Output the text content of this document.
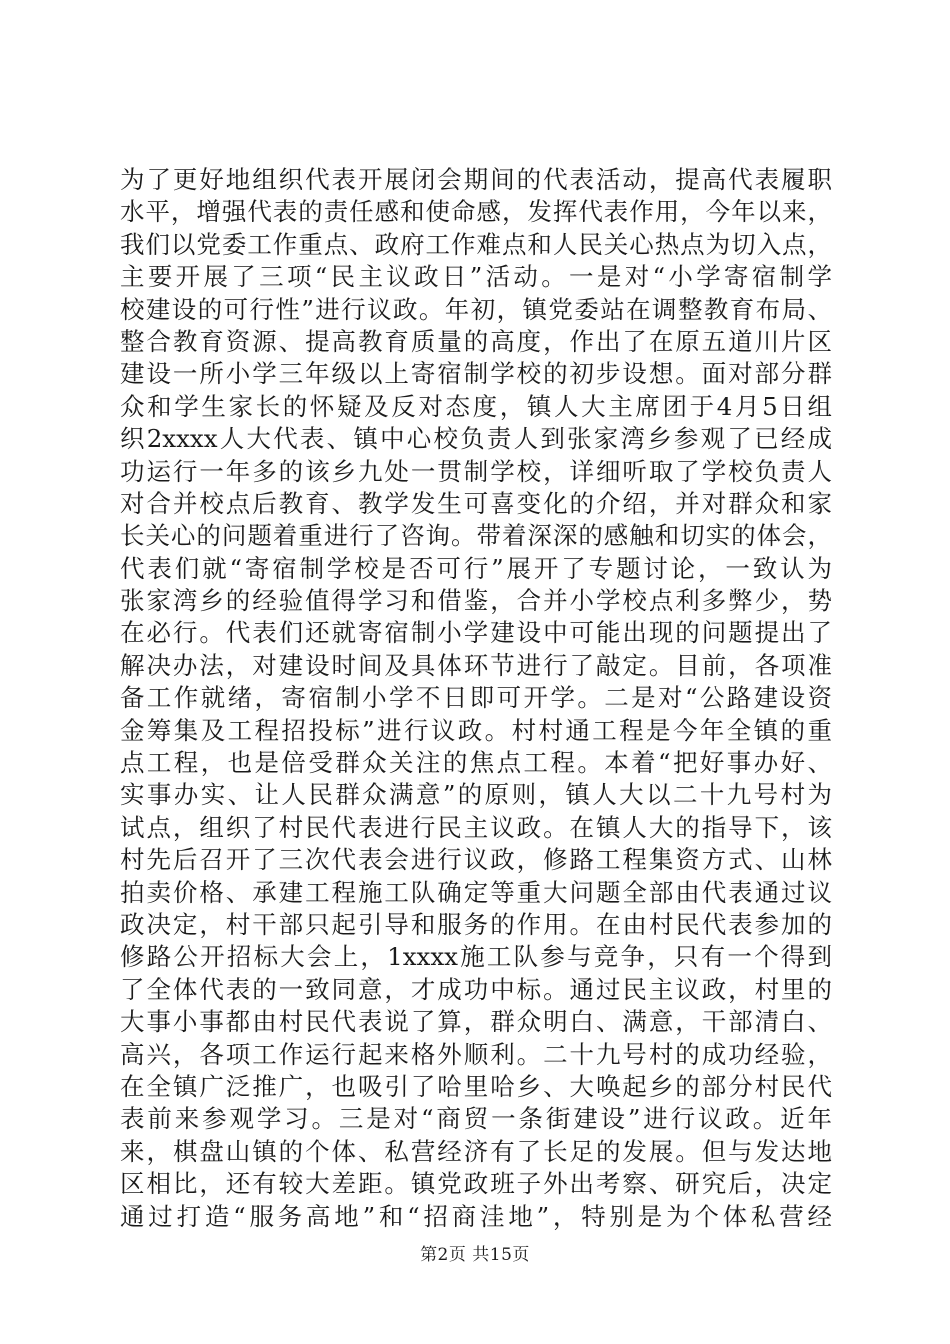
为了更好地组织代表开展闭会期间的代表活动，提高代表履职
水平，增强代表的责任感和使命感，发挥代表作用，今年以来，
我们以党委工作重点、政府工作难点和人民关心热点为切入点，
主要开展了三项“民主议政日”活动。一是对“小学寄宿制学
校建设的可行性”进行议政。年初，镇党委站在调整教育布局、
整合教育资源、提高教育质量的高度，作出了在原五道川片区
建设一所小学三年级以上寄宿制学校的初步设想。面对部分群
众和学生家长的怀疑及反对态度，镇人大主席团于4月5日组
织2xxxx人大代表、镇中心校负责人到张家湾乡参观了已经成
功运行一年多的该乡九处一贯制学校，详细听取了学校负责人
对合并校点后教育、教学发生可喜变化的介绍，并对群众和家
长关心的问题着重进行了咨询。带着深深的感触和切实的体会，
代表们就“寄宿制学校是否可行”展开了专题讨论，一致认为
张家湾乡的经验值得学习和借鉴，合并小学校点利多弊少，势
在必行。代表们还就寄宿制小学建设中可能出现的问题提出了
解决办法，对建设时间及具体环节进行了敲定。目前，各项准
备工作就绪，寄宿制小学不日即可开学。二是对“公路建设资
金筹集及工程招投标”进行议政。村村通工程是今年全镇的重
点工程，也是倍受群众关注的焦点工程。本着“把好事办好、
实事办实、让人民群众满意”的原则，镇人大以二十九号村为
试点，组织了村民代表进行民主议政。在镇人大的指导下，该
村先后召开了三次代表会进行议政，修路工程集资方式、山林
拍卖价格、承建工程施工队确定等重大问题全部由代表通过议
政决定，村干部只起引导和服务的作用。在由村民代表参加的
修路公开招标大会上，1xxxx施工队参与竞争，只有一个得到
了全体代表的一致同意，才成功中标。通过民主议政，村里的
大事小事都由村民代表说了算，群众明白、满意，干部清白、
高兴，各项工作运行起来格外顺利。二十九号村的成功经验，
在全镇广泛推广，也吸引了哈里哈乡、大唤起乡的部分村民代
表前来参观学习。三是对“商贸一条街建设”进行议政。近年
来，棋盘山镇的个体、私营经济有了长足的发展。但与发达地
区相比，还有较大差距。镇党政班子外出考察、研究后，决定
通过打造“服务高地”和“招商洼地”，特别是为个体私营经
第2页 共15页
